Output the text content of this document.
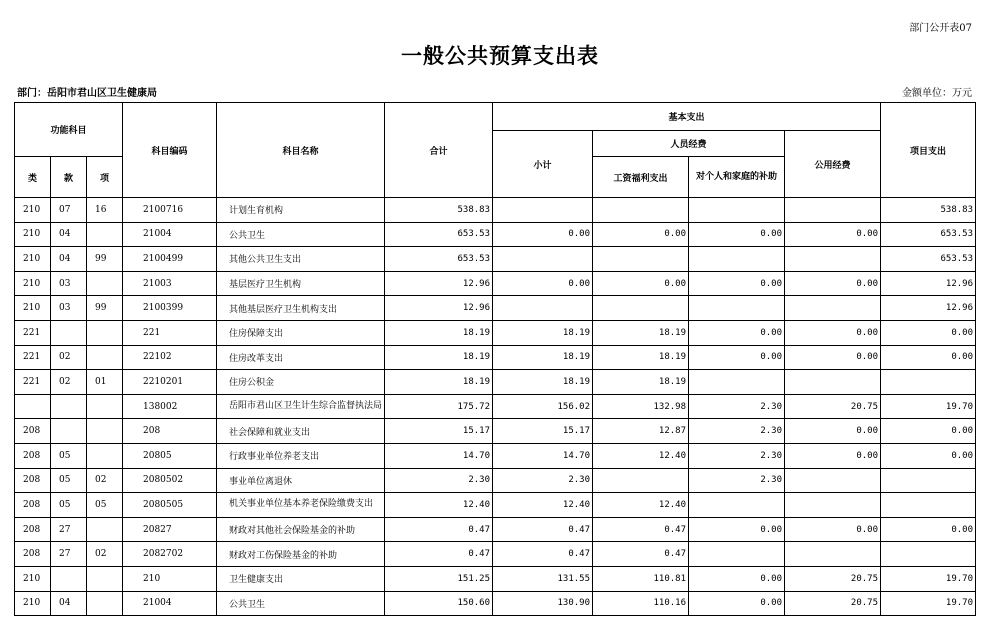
部门公开表07
一般公共预算支出表
部门：岳阳市君山区卫生健康局	金额单位：万元
功能科目			科目编码	科目名称	合计	基本支出				项目支出
						小计	人员经费		公用经费	
类	款	项					工资福利支出	对个人和家庭的补助		
210	07	16	2100716	计划生育机构	538.83					538.83
210	04		21004	公共卫生	653.53	0.00	0.00	0.00	0.00	653.53
210	04	99	2100499	其他公共卫生支出	653.53					653.53
210	03		21003	基层医疗卫生机构	12.96	0.00	0.00	0.00	0.00	12.96
210	03	99	2100399	其他基层医疗卫生机构支出	12.96					12.96
221			221	住房保障支出	18.19	18.19	18.19	0.00	0.00	0.00
221	02		22102	住房改革支出	18.19	18.19	18.19	0.00	0.00	0.00
221	02	01	2210201	住房公积金	18.19	18.19	18.19			
			138002	岳阳市君山区卫生计生综合监督执法局	175.72	156.02	132.98	2.30	20.75	19.70
208			208	社会保障和就业支出	15.17	15.17	12.87	2.30	0.00	0.00
208	05		20805	行政事业单位养老支出	14.70	14.70	12.40	2.30	0.00	0.00
208	05	02	2080502	事业单位离退休	2.30	2.30		2.30		
208	05	05	2080505	机关事业单位基本养老保险缴费支出	12.40	12.40	12.40			
208	27		20827	财政对其他社会保险基金的补助	0.47	0.47	0.47	0.00	0.00	0.00
208	27	02	2082702	财政对工伤保险基金的补助	0.47	0.47	0.47			
210			210	卫生健康支出	151.25	131.55	110.81	0.00	20.75	19.70
210	04		21004	公共卫生	150.60	130.90	110.16	0.00	20.75	19.70
